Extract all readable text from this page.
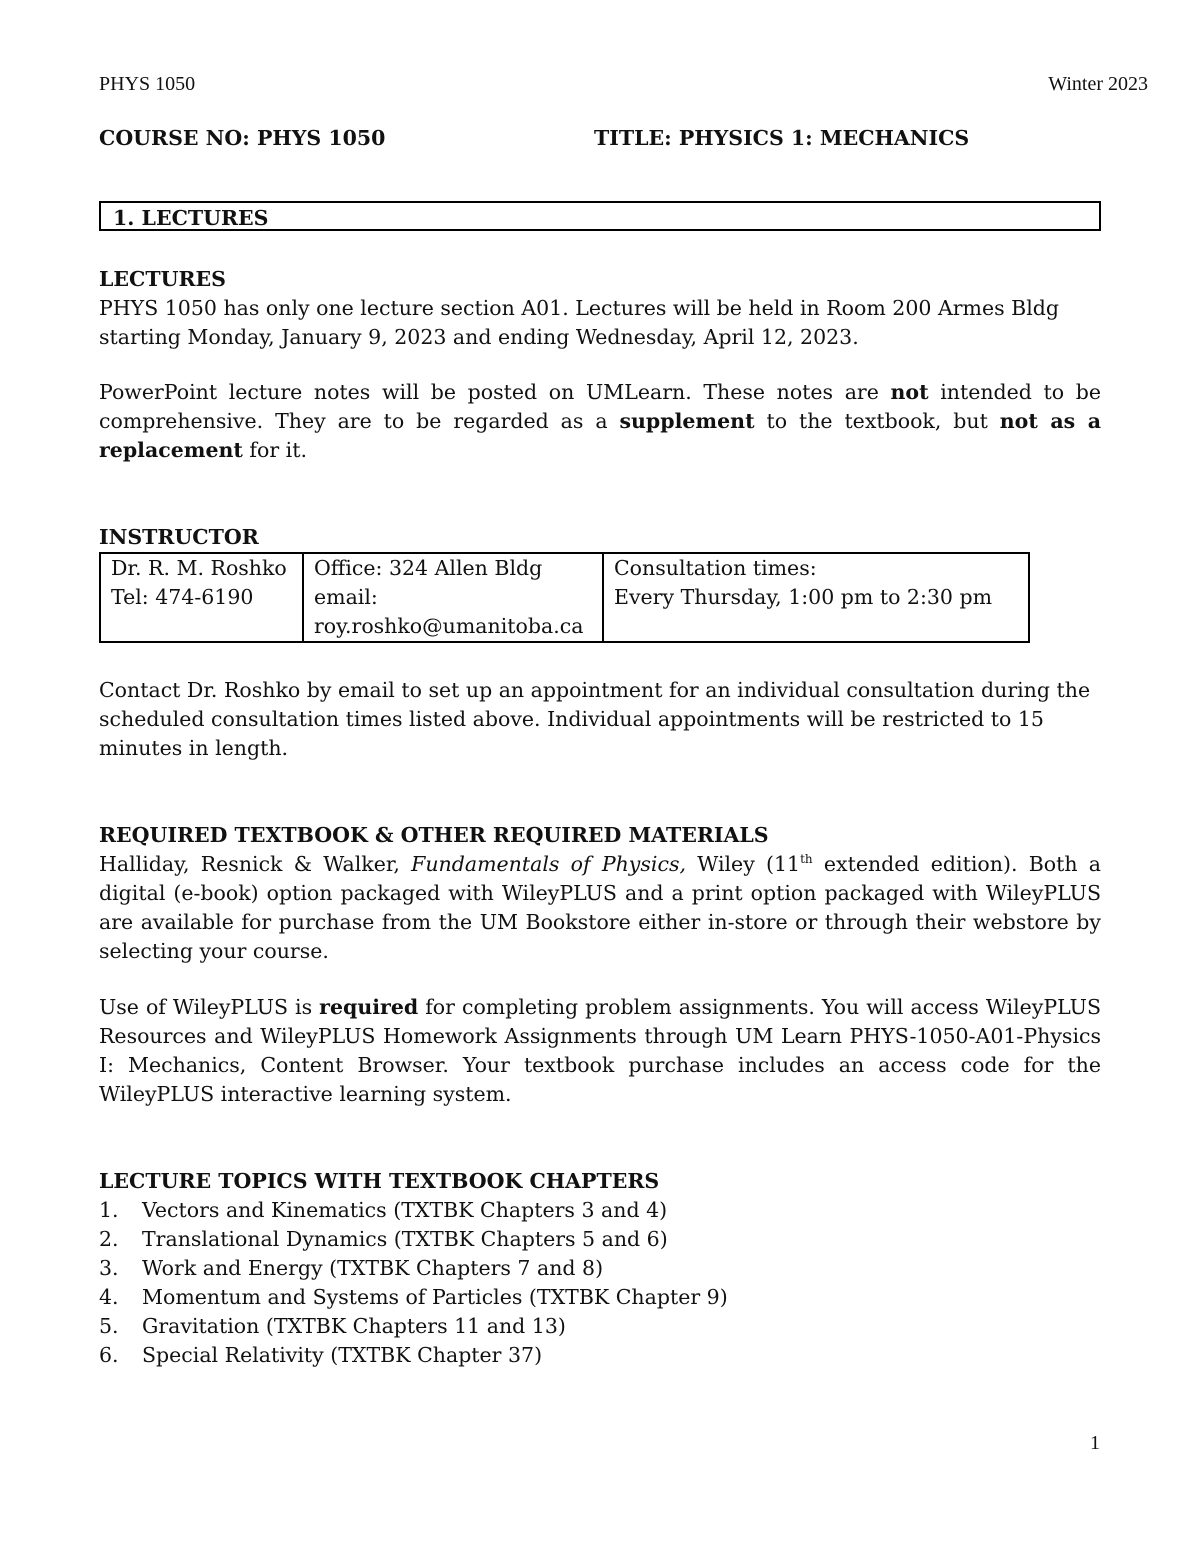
PHYS 1050	Winter 2023
COURSE NO: PHYS 1050	TITLE: PHYSICS 1: MECHANICS
1. LECTURES

LECTURES

PHYS 1050 has only one lecture section A01. Lectures will be held in Room 200 Armes Bldg starting Monday, January 9, 2023 and ending Wednesday, April 12, 2023.

PowerPoint lecture notes will be posted on UMLearn. These notes are not intended to be comprehensive. They are to be regarded as a supplement to the textbook, but not as a replacement for it.

INSTRUCTOR

Dr. R. M. Roshko
Tel: 474-6190

Office: 324 Allen Bldg
email:
roy.roshko@umanitoba.ca

Consultation times:
Every Thursday, 1:00 pm to 2:30 pm

Contact Dr. Roshko by email to set up an appointment for an individual consultation during the scheduled consultation times listed above. Individual appointments will be restricted to 15 minutes in length.

REQUIRED TEXTBOOK & OTHER REQUIRED MATERIALS

Halliday, Resnick & Walker, Fundamentals of Physics, Wiley (11th extended edition). Both a digital (e-book) option packaged with WileyPLUS and a print option packaged with WileyPLUS are available for purchase from the UM Bookstore either in-store or through their webstore by selecting your course.

Use of WileyPLUS is required for completing problem assignments. You will access WileyPLUS Resources and WileyPLUS Homework Assignments through UM Learn PHYS-1050-A01-Physics I: Mechanics, Content Browser. Your textbook purchase includes an access code for the WileyPLUS interactive learning system.

LECTURE TOPICS WITH TEXTBOOK CHAPTERS

1.	Vectors and Kinematics (TXTBK Chapters 3 and 4)
2.	Translational Dynamics (TXTBK Chapters 5 and 6)
3.	Work and Energy (TXTBK Chapters 7 and 8)
4.	Momentum and Systems of Particles (TXTBK Chapter 9)
5.	Gravitation (TXTBK Chapters 11 and 13)
6.	Special Relativity (TXTBK Chapter 37)
1
